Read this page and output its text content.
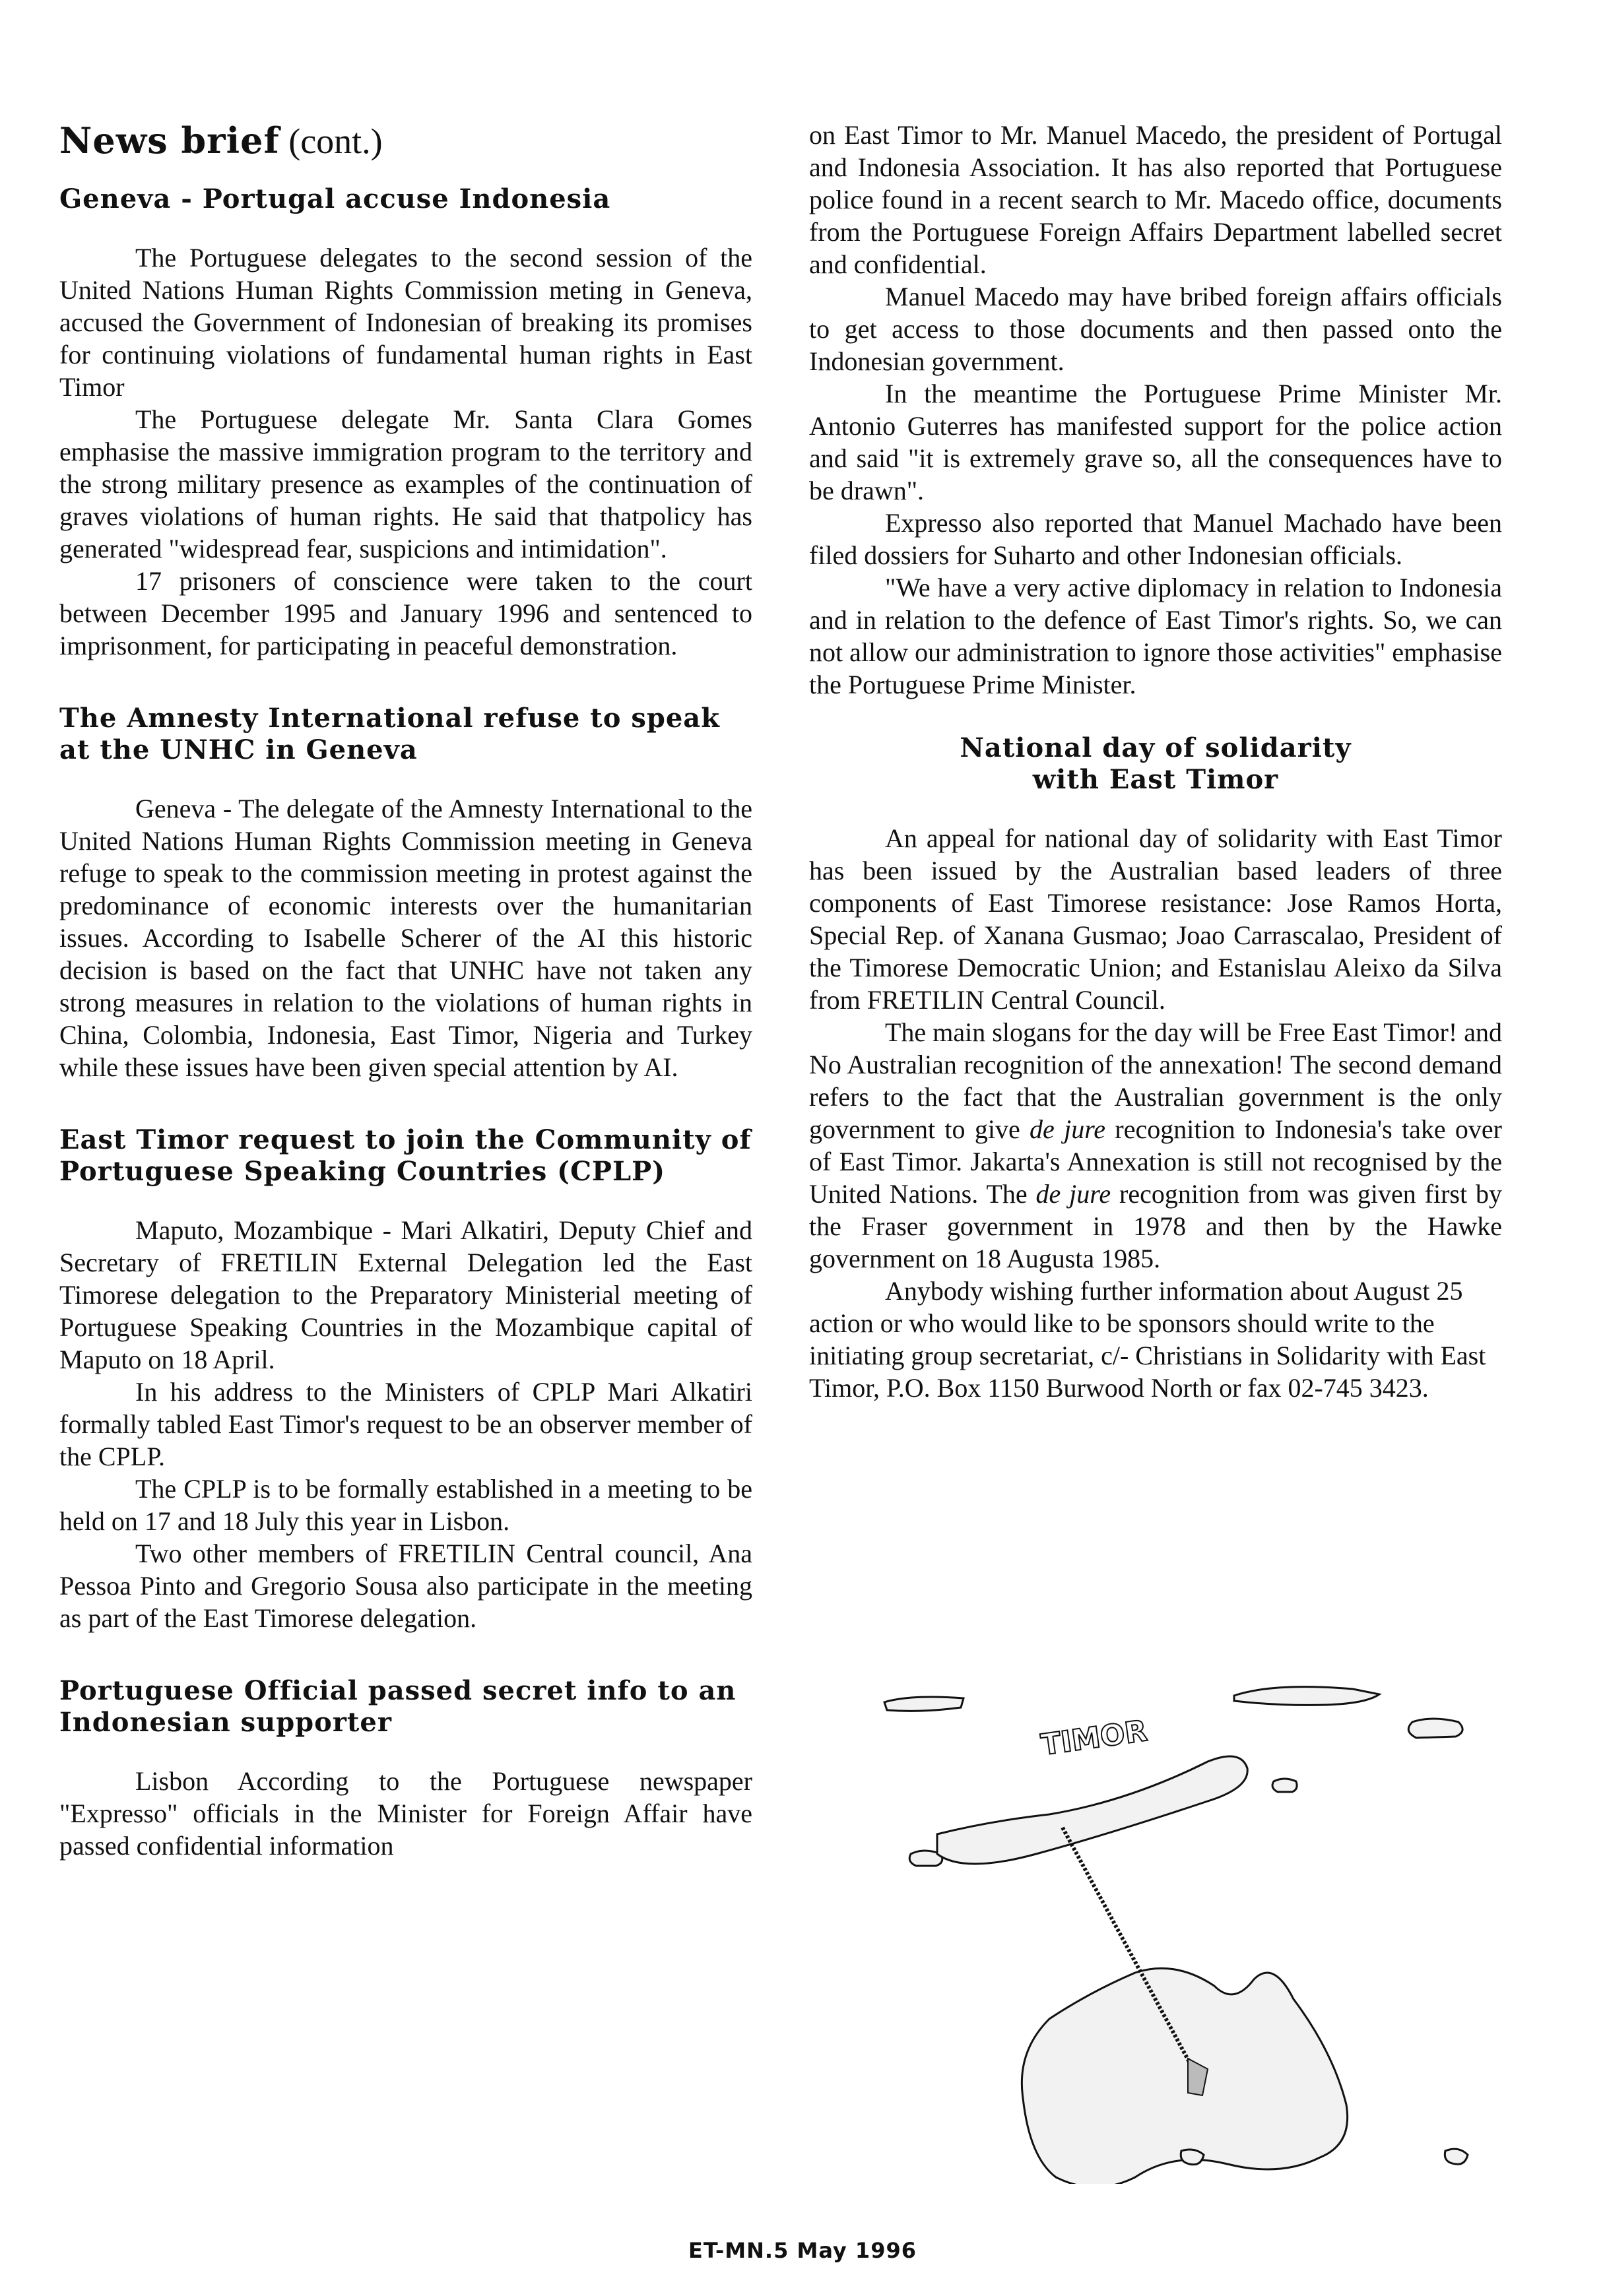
News brief (cont.)
Geneva - Portugal accuse Indonesia

The Portuguese delegates to the second session of the United Nations Human Rights Commission meting in Geneva, accused the Government of Indonesian of breaking its promises for continuing violations of fundamental human rights in East Timor

The Portuguese delegate Mr. Santa Clara Gomes emphasise the massive immigration program to the territory and the strong military presence as examples of the continuation of graves violations of human rights. He said that thatpolicy has generated "widespread fear, suspicions and intimidation".

17 prisoners of conscience were taken to the court between December 1995 and January 1996 and sentenced to imprisonment, for participating in peaceful demonstration.

The Amnesty International refuse to speak at the UNHC in Geneva

Geneva - The delegate of the Amnesty International to the United Nations Human Rights Commission meeting in Geneva refuge to speak to the commission meeting in protest against the predominance of economic interests over the humanitarian issues. According to Isabelle Scherer of the AI this historic decision is based on the fact that UNHC have not taken any strong measures in relation to the violations of human rights in China, Colombia, Indonesia, East Timor, Nigeria and Turkey while these issues have been given special attention by AI.

East Timor request to join the Community of Portuguese Speaking Countries (CPLP)

Maputo, Mozambique - Mari Alkatiri, Deputy Chief and Secretary of FRETILIN External Delegation led the East Timorese delegation to the Preparatory Ministerial meeting of Portuguese Speaking Countries in the Mozambique capital of Maputo on 18 April.

In his address to the Ministers of CPLP Mari Alkatiri formally tabled East Timor's request to be an observer member of the CPLP.

The CPLP is to be formally established in a meeting to be held on 17 and 18 July this year in Lisbon.

Two other members of FRETILIN Central council, Ana Pessoa Pinto and Gregorio Sousa also participate in the meeting as part of the East Timorese delegation.

Portuguese Official passed secret info to an Indonesian supporter

Lisbon According to the Portuguese newspaper "Expresso" officials in the Minister for Foreign Affair have passed confidential information

on East Timor to Mr. Manuel Macedo, the president of Portugal and Indonesia Association. It has also reported that Portuguese police found in a recent search to Mr. Macedo office, documents from the Portuguese Foreign Affairs Department labelled secret and confidential.

Manuel Macedo may have bribed foreign affairs officials to get access to those documents and then passed onto the Indonesian government.

In the meantime the Portuguese Prime Minister Mr. Antonio Guterres has manifested support for the police action and said "it is extremely grave so, all the consequences have to be drawn".

Expresso also reported that Manuel Machado have been filed dossiers for Suharto and other Indonesian officials.

"We have a very active diplomacy in relation to Indonesia and in relation to the defence of East Timor's rights. So, we can not allow our administration to ignore those activities" emphasise the Portuguese Prime Minister.

National day of solidarity
with East Timor

An appeal for national day of solidarity with East Timor has been issued by the Australian based leaders of three components of East Timorese resistance: Jose Ramos Horta, Special Rep. of Xanana Gusmao; Joao Carrascalao, President of the Timorese Democratic Union; and Estanislau Aleixo da Silva from FRETILIN Central Council.

The main slogans for the day will be Free East Timor! and No Australian recognition of the annexation! The second demand refers to the fact that the Australian government is the only government to give de jure recognition to Indonesia's take over of East Timor. Jakarta's Annexation is still not recognised by the United Nations. The de jure recognition from was given first by the Fraser government in 1978 and then by the Hawke government on 18 Augusta 1985.

Anybody wishing further information about August 25 action or who would like to be sponsors should write to the initiating group secretariat, c/- Christians in Solidarity with East Timor, P.O. Box 1150 Burwood North or fax 02-745 3423.

TIMOR
ET-MN.5 May 1996
